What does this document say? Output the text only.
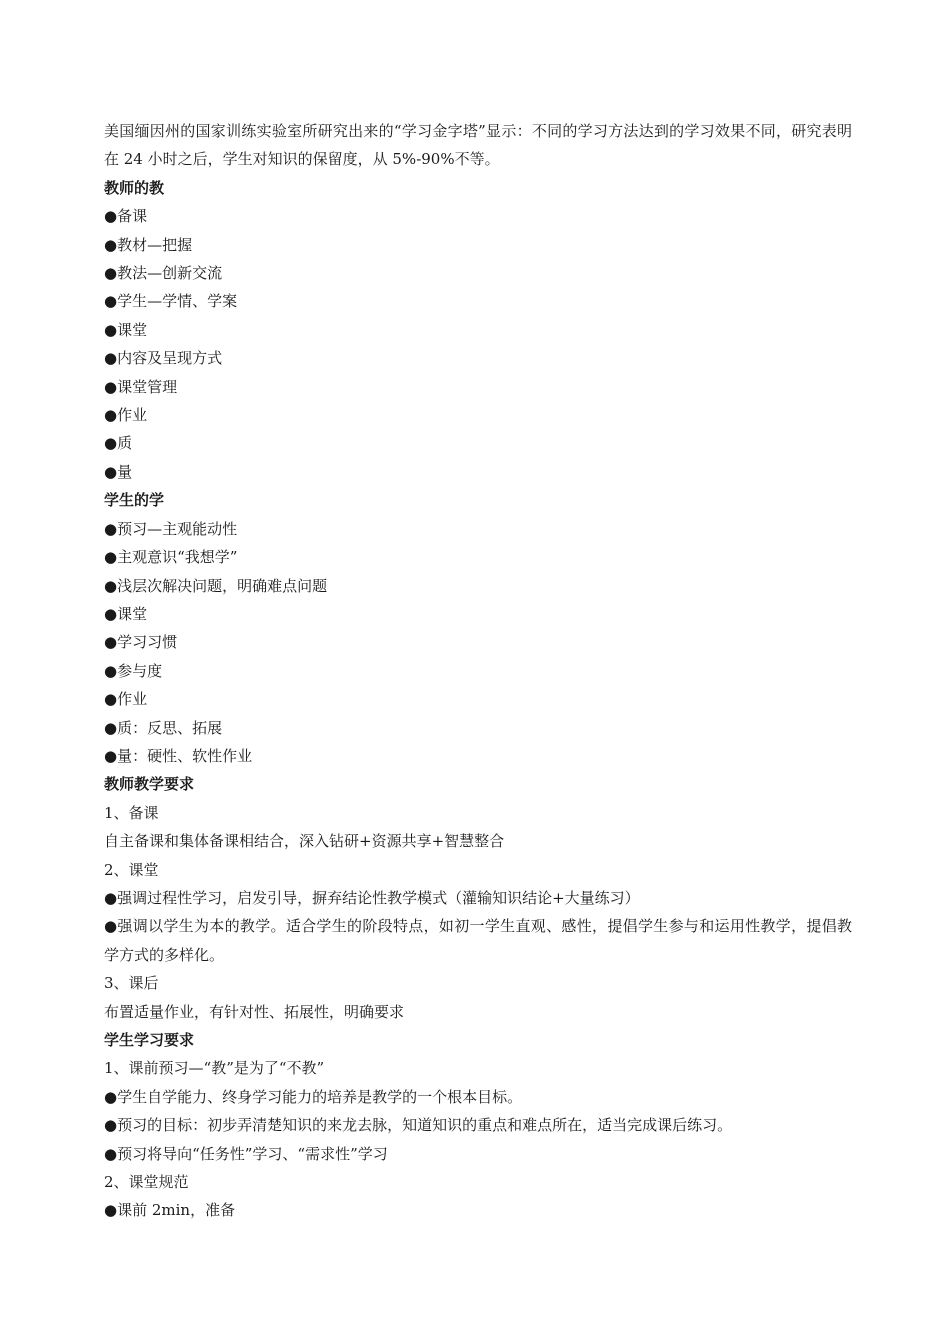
美国缅因州的国家训练实验室所研究出来的“学习金字塔”显示：不同的学习方法达到的学习效果不同，研究表明在 24 小时之后，学生对知识的保留度，从 5%-90%不等。

教师的教

●备课

●教材—把握

●教法—创新交流

●学生—学情、学案

●课堂

●内容及呈现方式

●课堂管理

●作业

●质

●量

学生的学

●预习—主观能动性

●主观意识“我想学”

●浅层次解决问题，明确难点问题

●课堂

●学习习惯

●参与度

●作业

●质：反思、拓展

●量：硬性、软性作业

教师教学要求

1、备课

自主备课和集体备课相结合，深入钻研+资源共享+智慧整合

2、课堂

●强调过程性学习，启发引导，摒弃结论性教学模式（灌输知识结论+大量练习）

●强调以学生为本的教学。适合学生的阶段特点，如初一学生直观、感性，提倡学生参与和运用性教学，提倡教学方式的多样化。

3、课后

布置适量作业，有针对性、拓展性，明确要求

学生学习要求

1、课前预习—“教”是为了“不教”

●学生自学能力、终身学习能力的培养是教学的一个根本目标。

●预习的目标：初步弄清楚知识的来龙去脉，知道知识的重点和难点所在，适当完成课后练习。

●预习将导向“任务性”学习、“需求性”学习

2、课堂规范

●课前 2min，准备
